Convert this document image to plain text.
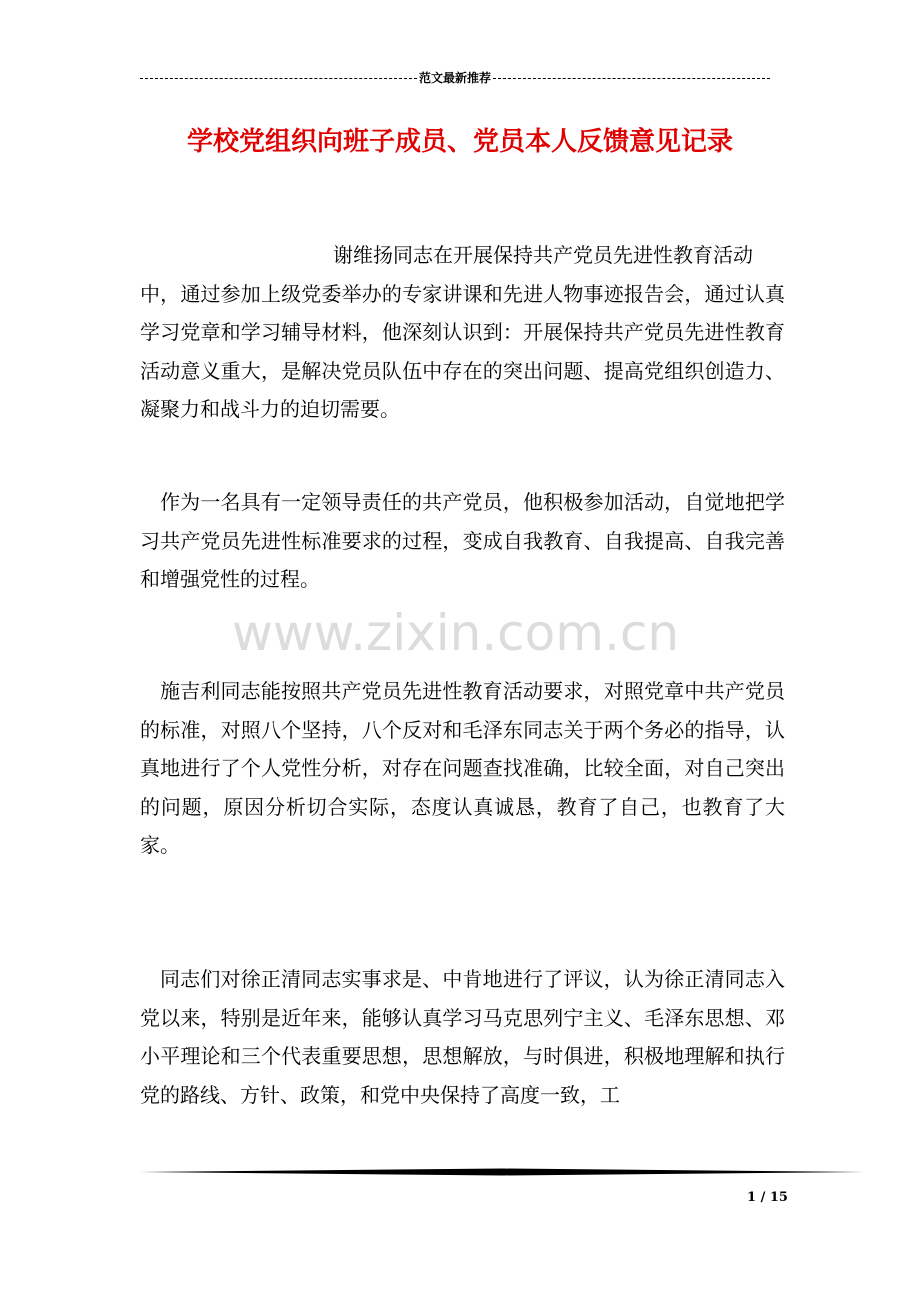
范文最新推荐
学校党组织向班子成员、党员本人反馈意见记录
www.zixin.com.cn

谢维扬同志在开展保持共产党员先进性教育活动
中，通过参加上级党委举办的专家讲课和先进人物事迹报告会，通过认真学习党章和学习辅导材料，他深刻认识到：开展保持共产党员先进性教育活动意义重大，是解决党员队伍中存在的突出问题、提高党组织创造力、凝聚力和战斗力的迫切需要。

作为一名具有一定领导责任的共产党员，他积极参加活动，自觉地把学习共产党员先进性标准要求的过程，变成自我教育、自我提高、自我完善和增强党性的过程。

施吉利同志能按照共产党员先进性教育活动要求，对照党章中共产党员的标准，对照八个坚持，八个反对和毛泽东同志关于两个务必的指导，认真地进行了个人党性分析，对存在问题查找准确，比较全面，对自己突出的问题，原因分析切合实际，态度认真诚恳，教育了自己，也教育了大家。

同志们对徐正清同志实事求是、中肯地进行了评议，认为徐正清同志入党以来，特别是近年来，能够认真学习马克思列宁主义、毛泽东思想、邓小平理论和三个代表重要思想，思想解放，与时俱进，积极地理解和执行党的路线、方针、政策，和党中央保持了高度一致，工

1 / 15
